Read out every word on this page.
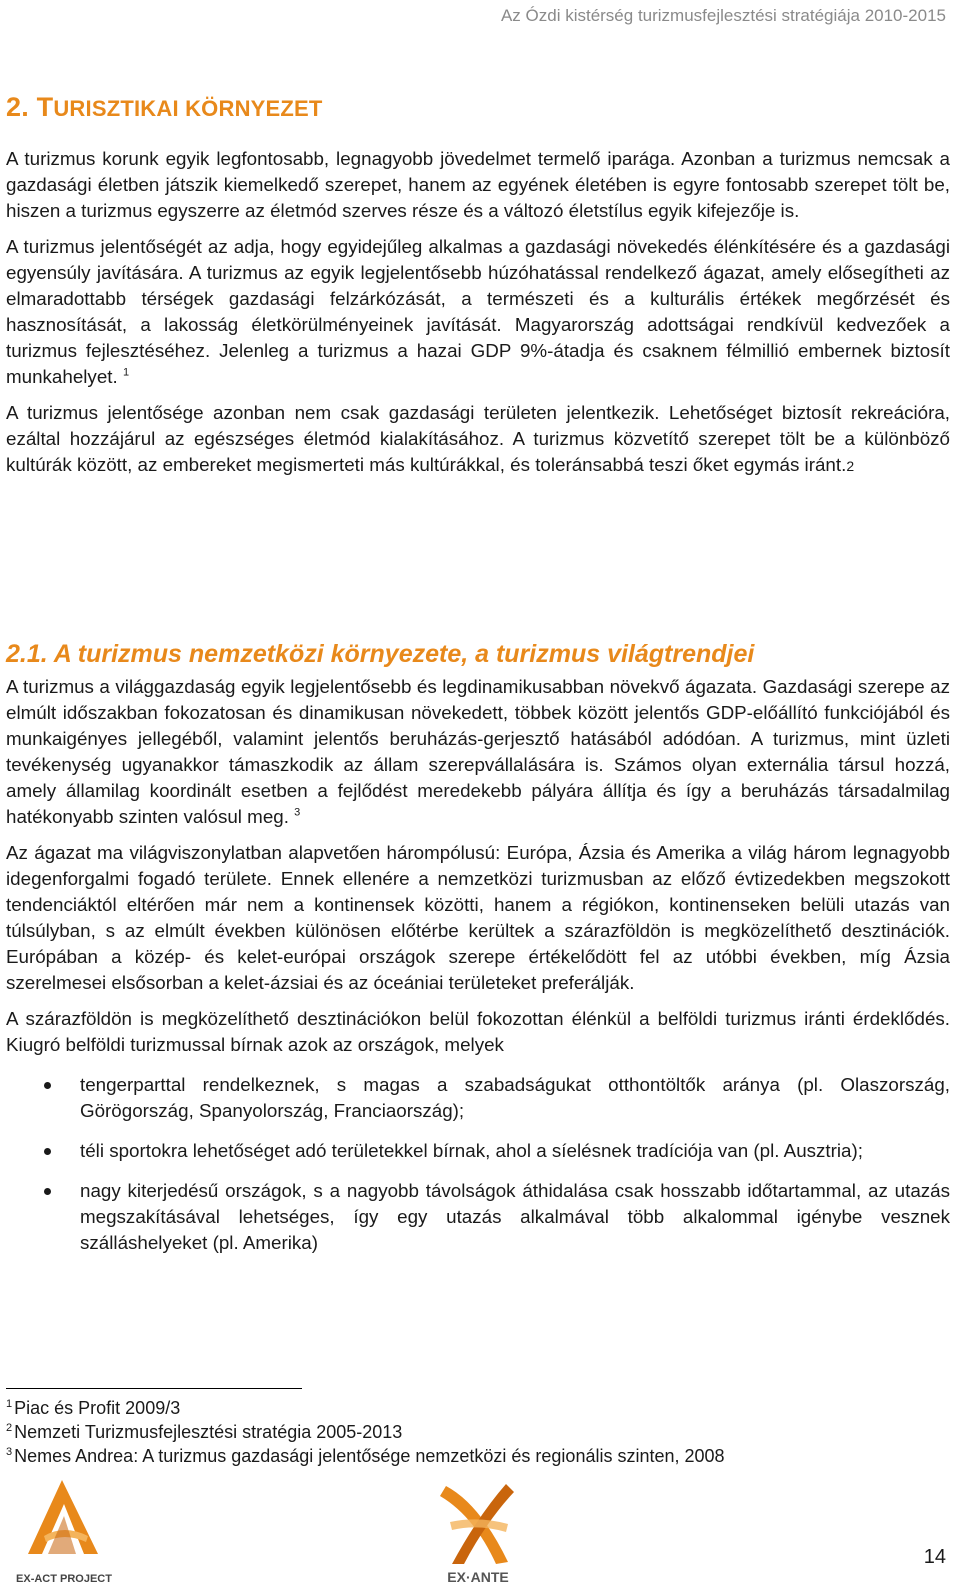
Az Ózdi kistérség turizmusfejlesztési stratégiája 2010-2015
2. TURISZTIKAI KÖRNYEZET

A turizmus korunk egyik legfontosabb, legnagyobb jövedelmet termelő iparága. Azonban a turizmus nemcsak a gazdasági életben játszik kiemelkedő szerepet, hanem az egyének életében is egyre fontosabb szerepet tölt be, hiszen a turizmus egyszerre az életmód szerves része és a változó életstílus egyik kifejezője is.

A turizmus jelentőségét az adja, hogy egyidejűleg alkalmas a gazdasági növekedés élénkítésére és a gazdasági egyensúly javítására. A turizmus az egyik legjelentősebb húzóhatással rendelkező ágazat, amely elősegítheti az elmaradottabb térségek gazdasági felzárkózását, a természeti és a kulturális értékek megőrzését és hasznosítását, a lakosság életkörülményeinek javítását. Magyarország adottságai rendkívül kedvezőek a turizmus fejlesztéséhez. Jelenleg a turizmus a hazai GDP 9%-átadja és csaknem félmillió embernek biztosít munkahelyet. $^1$

A turizmus jelentősége azonban nem csak gazdasági területen jelentkezik. Lehetőséget biztosít rekreációra, ezáltal hozzájárul az egészséges életmód kialakításához. A turizmus közvetítő szerepet tölt be a különböző kultúrák között, az embereket megismerteti más kultúrákkal, és toleránsabbá teszi őket egymás iránt.2

2.1. A turizmus nemzetközi környezete, a turizmus világtrendjei

A turizmus a világgazdaság egyik legjelentősebb és legdinamikusabban növekvő ágazata. Gazdasági szerepe az elmúlt időszakban fokozatosan és dinamikusan növekedett, többek között jelentős GDP-előállító funkciójából és munkaigényes jellegéből, valamint jelentős beruházás-gerjesztő hatásából adódóan. A turizmus, mint üzleti tevékenység ugyanakkor támaszkodik az állam szerepvállalására is. Számos olyan externália társul hozzá, amely államilag koordinált esetben a fejlődést meredekebb pályára állítja és így a beruházás társadalmilag hatékonyabb szinten valósul meg. $^3$

Az ágazat ma világviszonylatban alapvetően hárompólusú: Európa, Ázsia és Amerika a világ három legnagyobb idegenforgalmi fogadó területe. Ennek ellenére a nemzetközi turizmusban az előző évtizedekben megszokott tendenciáktól eltérően már nem a kontinensek közötti, hanem a régiókon, kontinenseken belüli utazás van túlsúlyban, s az elmúlt években különösen előtérbe kerültek a szárazföldön is megközelíthető desztinációk. Európában a közép- és kelet-európai országok szerepe értékelődött fel az utóbbi években, míg Ázsia szerelmesei elsősorban a kelet-ázsiai és az óceániai területeket preferálják.

A szárazföldön is megközelíthető desztinációkon belül fokozottan élénkül a belföldi turizmus iránti érdeklődés. Kiugró belföldi turizmussal bírnak azok az országok, melyek

tengerparttal rendelkeznek, s magas a szabadságukat otthontöltők aránya (pl. Olaszország, Görögország, Spanyolország, Franciaország);
téli sportokra lehetőséget adó területekkel bírnak, ahol a síelésnek tradíciója van (pl. Ausztria);
nagy kiterjedésű országok, s a nagyobb távolságok áthidalása csak hosszabb időtartammal, az utazás megszakításával lehetséges, így egy utazás alkalmával több alkalommal igénybe vesznek szálláshelyeket (pl. Amerika)
$^1$ Piac és Profit 2009/3
$^2$ Nemzeti Turizmusfejlesztési stratégia 2005-2013
$^3$ Nemes Andrea: A turizmus gazdasági jelentősége nemzetközi és regionális szinten, 2008
EX-ACT PROJECT	EX·ANTE
14
